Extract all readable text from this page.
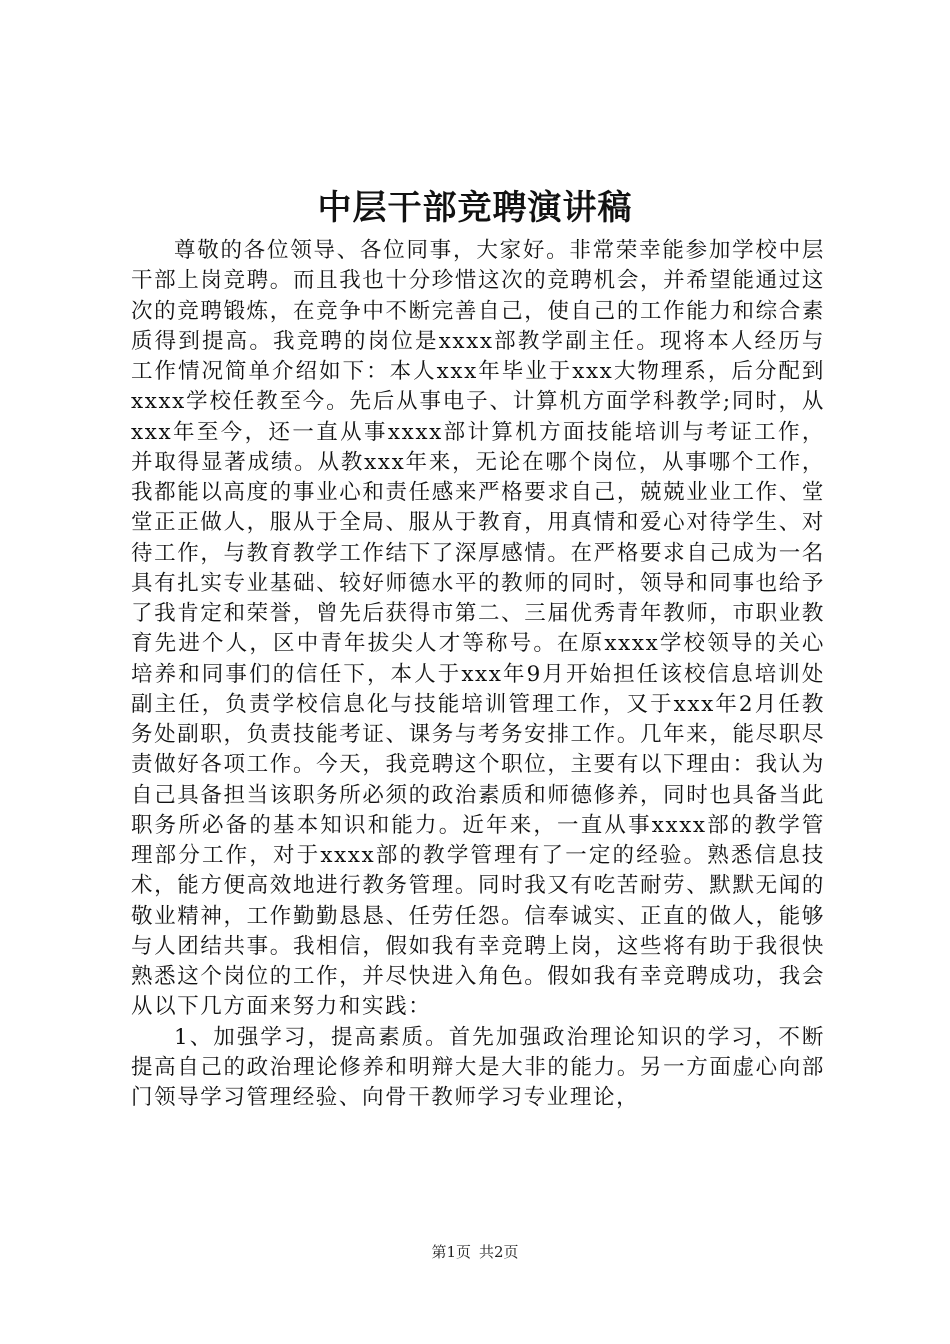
中层干部竞聘演讲稿

尊敬的各位领导、各位同事，大家好。非常荣幸能参加学校中层干部上岗竞聘。而且我也十分珍惜这次的竞聘机会，并希望能通过这次的竞聘锻炼，在竞争中不断完善自己，使自己的工作能力和综合素质得到提高。我竞聘的岗位是xxxx部教学副主任。现将本人经历与工作情况简单介绍如下：本人xxx年毕业于xxx大物理系，后分配到xxxx学校任教至今。先后从事电子、计算机方面学科教学;同时，从xxx年至今，还一直从事xxxx部计算机方面技能培训与考证工作，并取得显著成绩。从教xxx年来，无论在哪个岗位，从事哪个工作，我都能以高度的事业心和责任感来严格要求自己，兢兢业业工作、堂堂正正做人，服从于全局、服从于教育，用真情和爱心对待学生、对待工作，与教育教学工作结下了深厚感情。在严格要求自己成为一名具有扎实专业基础、较好师德水平的教师的同时，领导和同事也给予了我肯定和荣誉，曾先后获得市第二、三届优秀青年教师，市职业教育先进个人，区中青年拔尖人才等称号。在原xxxx学校领导的关心培养和同事们的信任下，本人于xxx年9月开始担任该校信息培训处副主任，负责学校信息化与技能培训管理工作，又于xxx年2月任教务处副职，负责技能考证、课务与考务安排工作。几年来，能尽职尽责做好各项工作。今天，我竞聘这个职位，主要有以下理由：我认为自己具备担当该职务所必须的政治素质和师德修养，同时也具备当此职务所必备的基本知识和能力。近年来，一直从事xxxx部的教学管理部分工作，对于xxxx部的教学管理有了一定的经验。熟悉信息技术，能方便高效地进行教务管理。同时我又有吃苦耐劳、默默无闻的敬业精神，工作勤勤恳恳、任劳任怨。信奉诚实、正直的做人，能够与人团结共事。我相信，假如我有幸竞聘上岗，这些将有助于我很快熟悉这个岗位的工作，并尽快进入角色。假如我有幸竞聘成功，我会从以下几方面来努力和实践：

1、加强学习，提高素质。首先加强政治理论知识的学习，不断提高自己的政治理论修养和明辩大是大非的能力。另一方面虚心向部门领导学习管理经验、向骨干教师学习专业理论，

第1页 共2页
